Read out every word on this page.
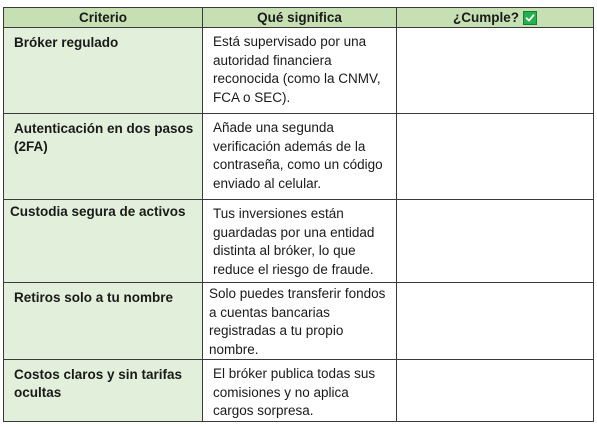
Criterio	Qué significa	¿Cumple?

Bróker regulado	Está supervisado por una autoridad financiera reconocida (como la CNMV, FCA o SEC).	
Autenticación en dos pasos (2FA)	Añade una segunda verificación además de la contraseña, como un código enviado al celular.	
Custodia segura de activos	Tus inversiones están guardadas por una entidad distinta al bróker, lo que reduce el riesgo de fraude.	
Retiros solo a tu nombre	Solo puedes transferir fondos a cuentas bancarias registradas a tu propio nombre.	
Costos claros y sin tarifas ocultas	El bróker publica todas sus comisiones y no aplica cargos sorpresa.	
